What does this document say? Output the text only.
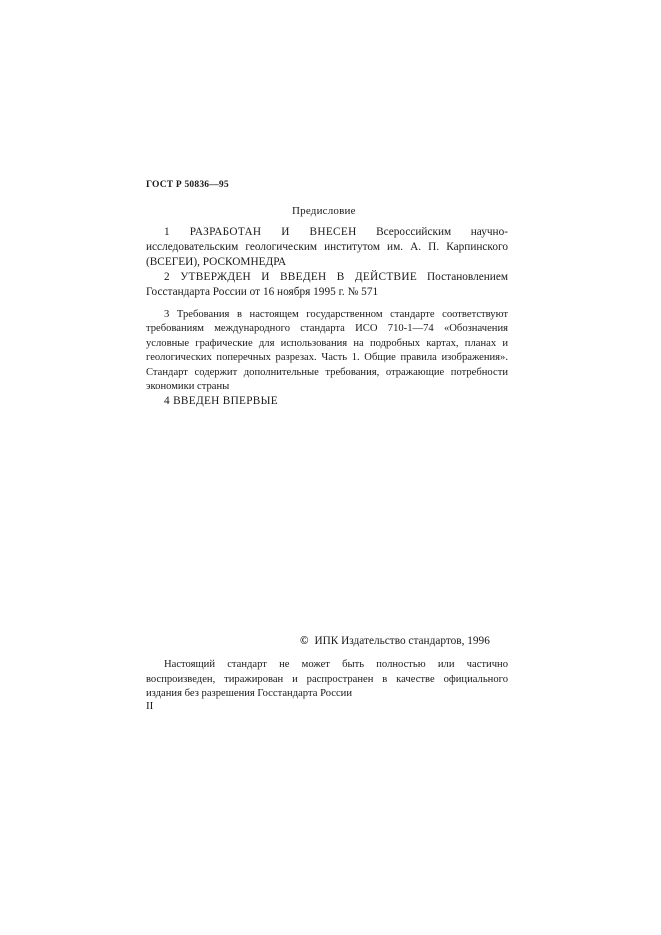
ГОСТ Р 50836—95
Предисловие

1 РАЗРАБОТАН И ВНЕСЕН Всероссийским научно-исследовательским геологическим институтом им. А. П. Карпинского (ВСЕГЕИ), РОСКОМНЕДРА

2 УТВЕРЖДЕН И ВВЕДЕН В ДЕЙСТВИЕ Постановлением Госстандарта России от 16 ноября 1995 г. № 571

3 Требования в настоящем государственном стандарте соответствуют требованиям международного стандарта ИСО 710-1—74 «Обозначения условные графические для использования на подробных картах, планах и геологических поперечных разрезах. Часть 1. Общие правила изображения». Стандарт содержит дополнительные требования, отражающие потребности экономики страны

4 ВВЕДЕН ВПЕРВЫЕ

© ИПК Издательство стандартов, 1996

Настоящий стандарт не может быть полностью или частично воспроизведен, тиражирован и распространен в качестве официального издания без разрешения Госстандарта России

II
